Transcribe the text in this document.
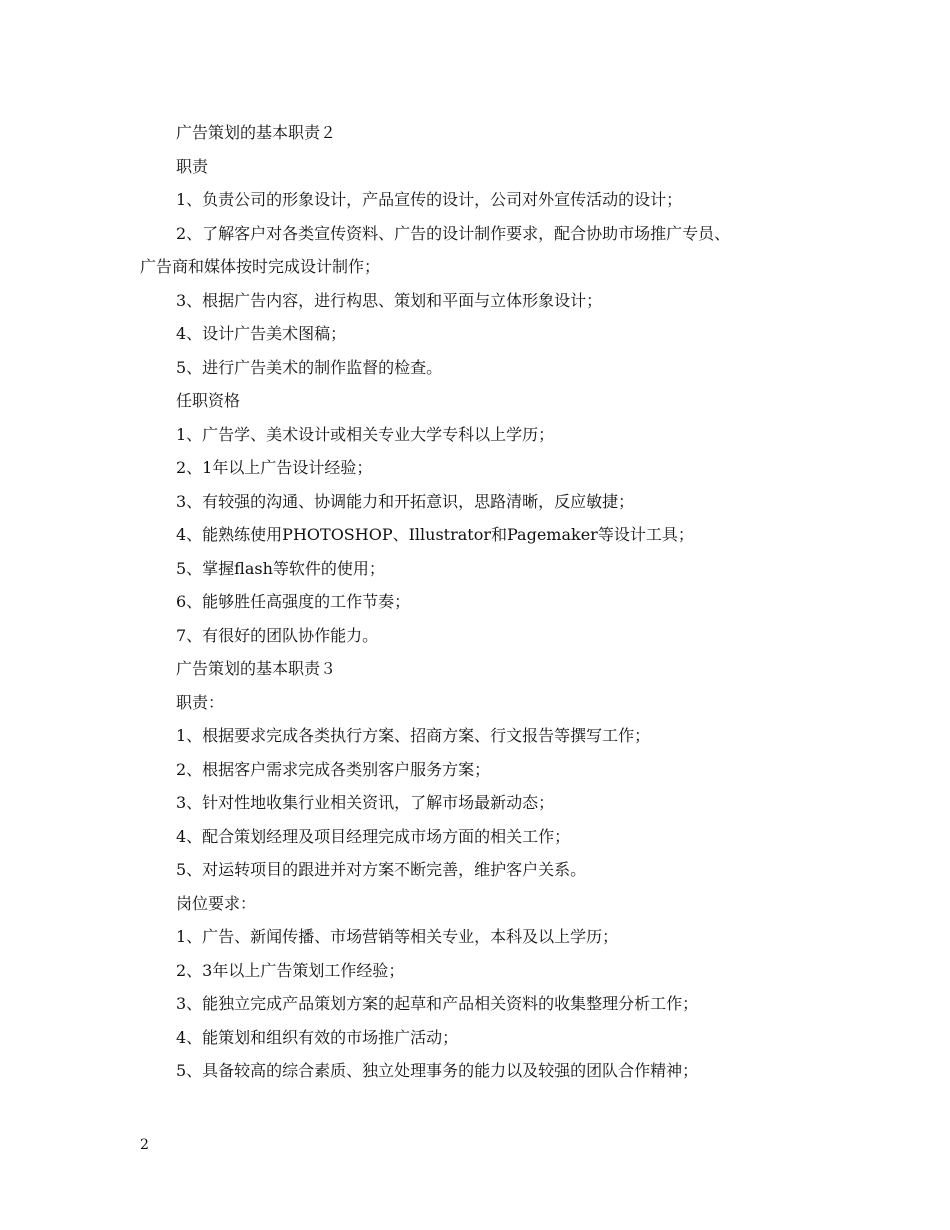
广告策划的基本职责２

职责

1、负责公司的形象设计，产品宣传的设计，公司对外宣传活动的设计；

2、了解客户对各类宣传资料、广告的设计制作要求，配合协助市场推广专员、

广告商和媒体按时完成设计制作；

3、根据广告内容，进行构思、策划和平面与立体形象设计；

4、设计广告美术图稿；

5、进行广告美术的制作监督的检查。

任职资格

1、广告学、美术设计或相关专业大学专科以上学历；

2、1年以上广告设计经验；

3、有较强的沟通、协调能力和开拓意识，思路清晰，反应敏捷；

4、能熟练使用PHOTOSHOP、Illustrator和Pagemaker等设计工具；

5、掌握flash等软件的使用；

6、能够胜任高强度的工作节奏；

7、有很好的团队协作能力。

广告策划的基本职责３

职责：

1、根据要求完成各类执行方案、招商方案、行文报告等撰写工作；

2、根据客户需求完成各类别客户服务方案；

3、针对性地收集行业相关资讯，了解市场最新动态；

4、配合策划经理及项目经理完成市场方面的相关工作；

5、对运转项目的跟进并对方案不断完善，维护客户关系。

岗位要求：

1、广告、新闻传播、市场营销等相关专业，本科及以上学历；

2、3年以上广告策划工作经验；

3、能独立完成产品策划方案的起草和产品相关资料的收集整理分析工作；

4、能策划和组织有效的市场推广活动；

5、具备较高的综合素质、独立处理事务的能力以及较强的团队合作精神；

2
